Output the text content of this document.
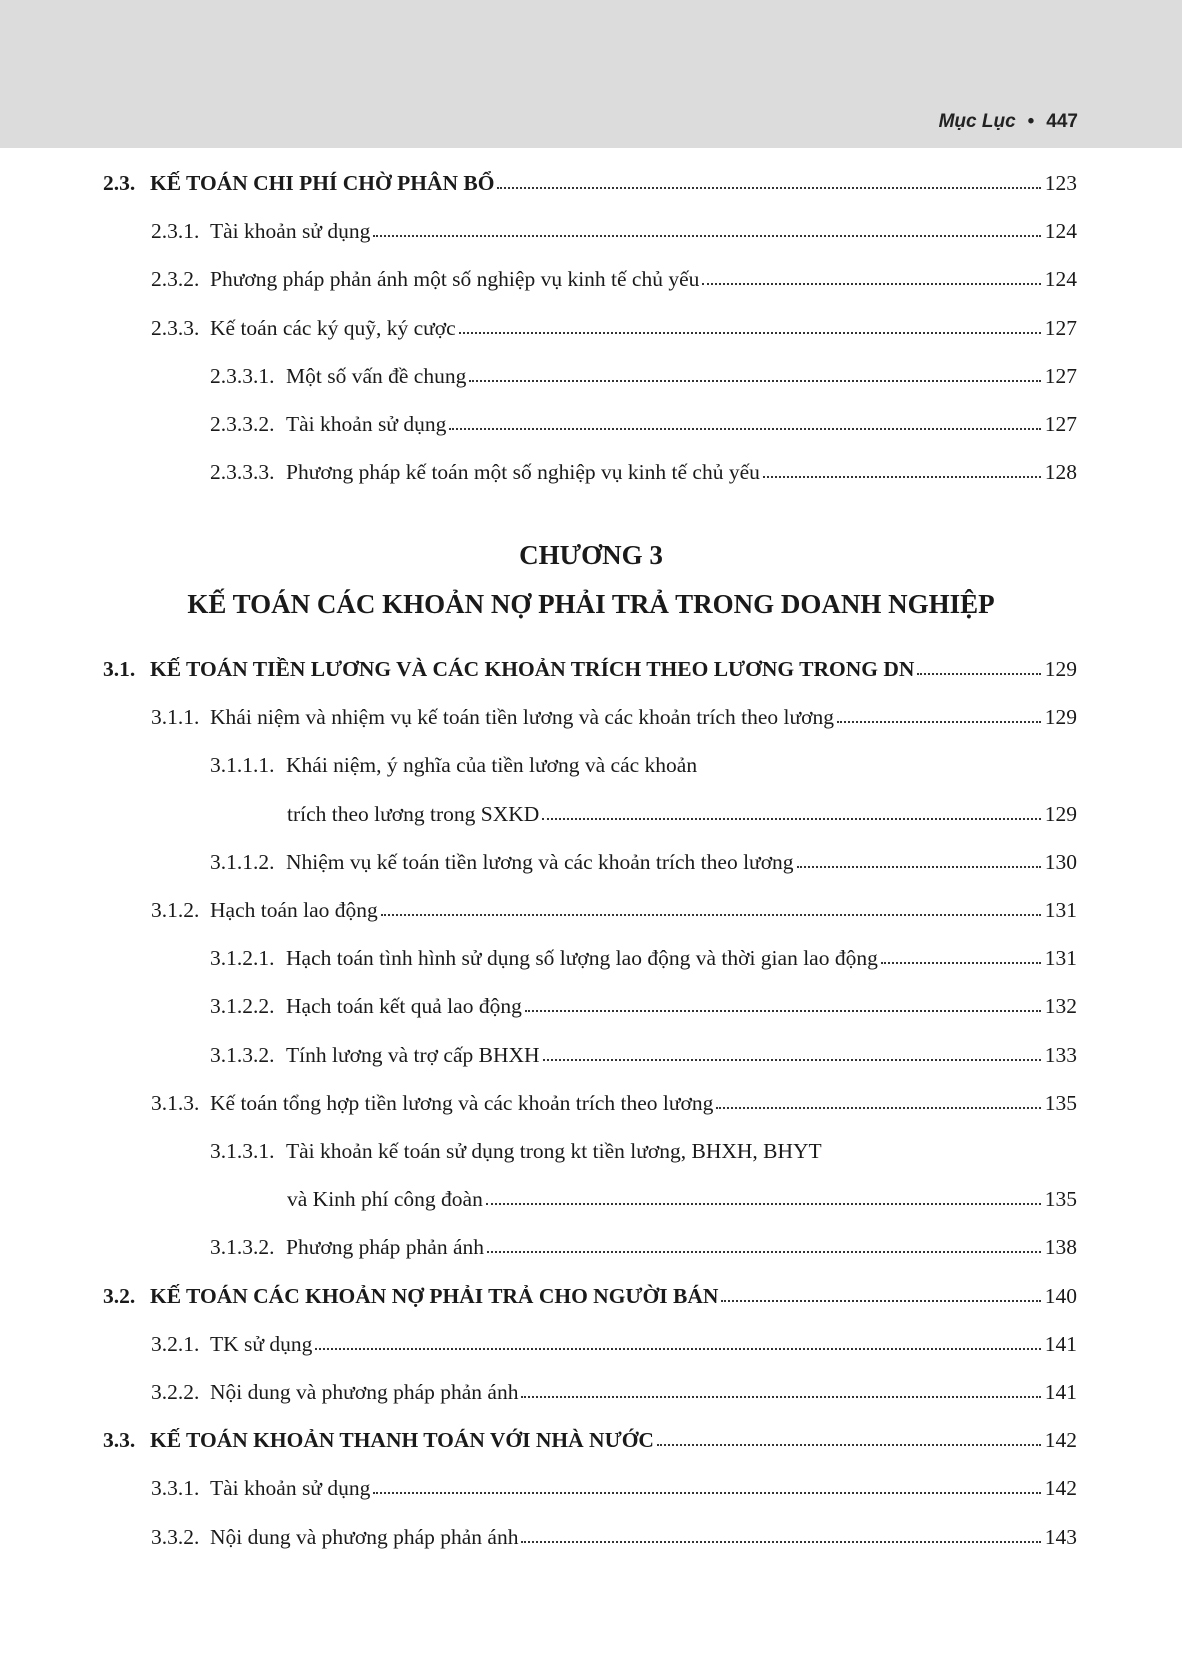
Mục Lục • 447
2.3. KẾ TOÁN CHI PHÍ CHỜ PHÂN BỔ	123
2.3.1. Tài khoản sử dụng	124
2.3.2. Phương pháp phản ánh một số nghiệp vụ kinh tế chủ yếu	124
2.3.3. Kế toán các ký quỹ, ký cược	127
2.3.3.1. Một số vấn đề chung	127
2.3.3.2. Tài khoản sử dụng	127
2.3.3.3. Phương pháp kế toán một số nghiệp vụ kinh tế chủ yếu	128
3.1. KẾ TOÁN TIỀN LƯƠNG VÀ CÁC KHOẢN TRÍCH THEO LƯƠNG TRONG DN	129
3.1.1. Khái niệm và nhiệm vụ kế toán tiền lương và các khoản trích theo lương	129
3.1.1.1. Khái niệm, ý nghĩa của tiền lương và các khoản
trích theo lương trong SXKD	129
3.1.1.2. Nhiệm vụ kế toán tiền lương và các khoản trích theo lương	130
3.1.2. Hạch toán lao động	131
3.1.2.1. Hạch toán tình hình sử dụng số lượng lao động và thời gian lao động	131
3.1.2.2. Hạch toán kết quả lao động	132
3.1.3.2. Tính lương và trợ cấp BHXH	133
3.1.3. Kế toán tổng hợp tiền lương và các khoản trích theo lương	135
3.1.3.1. Tài khoản kế toán sử dụng trong kt tiền lương, BHXH, BHYT
và Kinh phí công đoàn	135
3.1.3.2. Phương pháp phản ánh	138
3.2. KẾ TOÁN CÁC KHOẢN NỢ PHẢI TRẢ CHO NGƯỜI BÁN	140
3.2.1. TK sử dụng	141
3.2.2. Nội dung và phương pháp phản ánh	141
3.3. KẾ TOÁN KHOẢN THANH TOÁN VỚI NHÀ NƯỚC	142
3.3.1. Tài khoản sử dụng	142
3.3.2. Nội dung và phương pháp phản ánh	143
CHƯƠNG 3
KẾ TOÁN CÁC KHOẢN NỢ PHẢI TRẢ TRONG DOANH NGHIỆP
